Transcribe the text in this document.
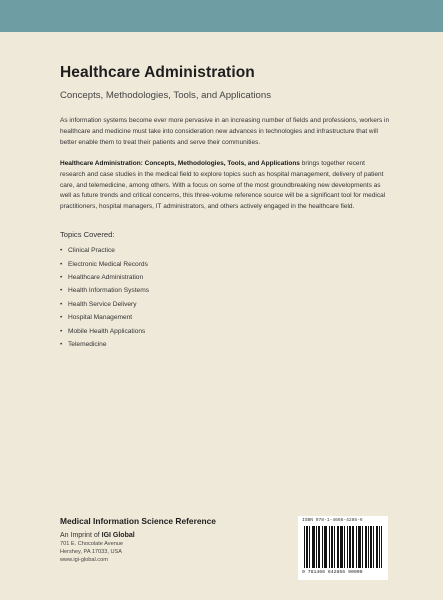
Healthcare Administration

Concepts, Methodologies, Tools, and Applications

As information systems become ever more pervasive in an increasing number of fields and professions, workers in healthcare and medicine must take into consideration new advances in technologies and infrastructure that will better enable them to treat their patients and serve their communities.

Healthcare Administration: Concepts, Methodologies, Tools, and Applications brings together recent research and case studies in the medical field to explore topics such as hospital management, delivery of patient care, and telemedicine, among others. With a focus on some of the most groundbreaking new developments as well as future trends and critical concerns, this three-volume reference source will be a significant tool for medical practitioners, hospital managers, IT administrators, and others actively engaged in the healthcare field.

Topics Covered:
• Clinical Practice
• Electronic Medical Records
• Healthcare Administration
• Health Information Systems
• Health Service Delivery
• Hospital Management
• Mobile Health Applications
• Telemedicine

Medical Information Science Reference

An Imprint of IGI Global
701 E. Chocolate Avenue
Hershey, PA 17033, USA
www.igi-global.com
ISBN 978-1-4666-4285-6
9 781466 642856 90000
